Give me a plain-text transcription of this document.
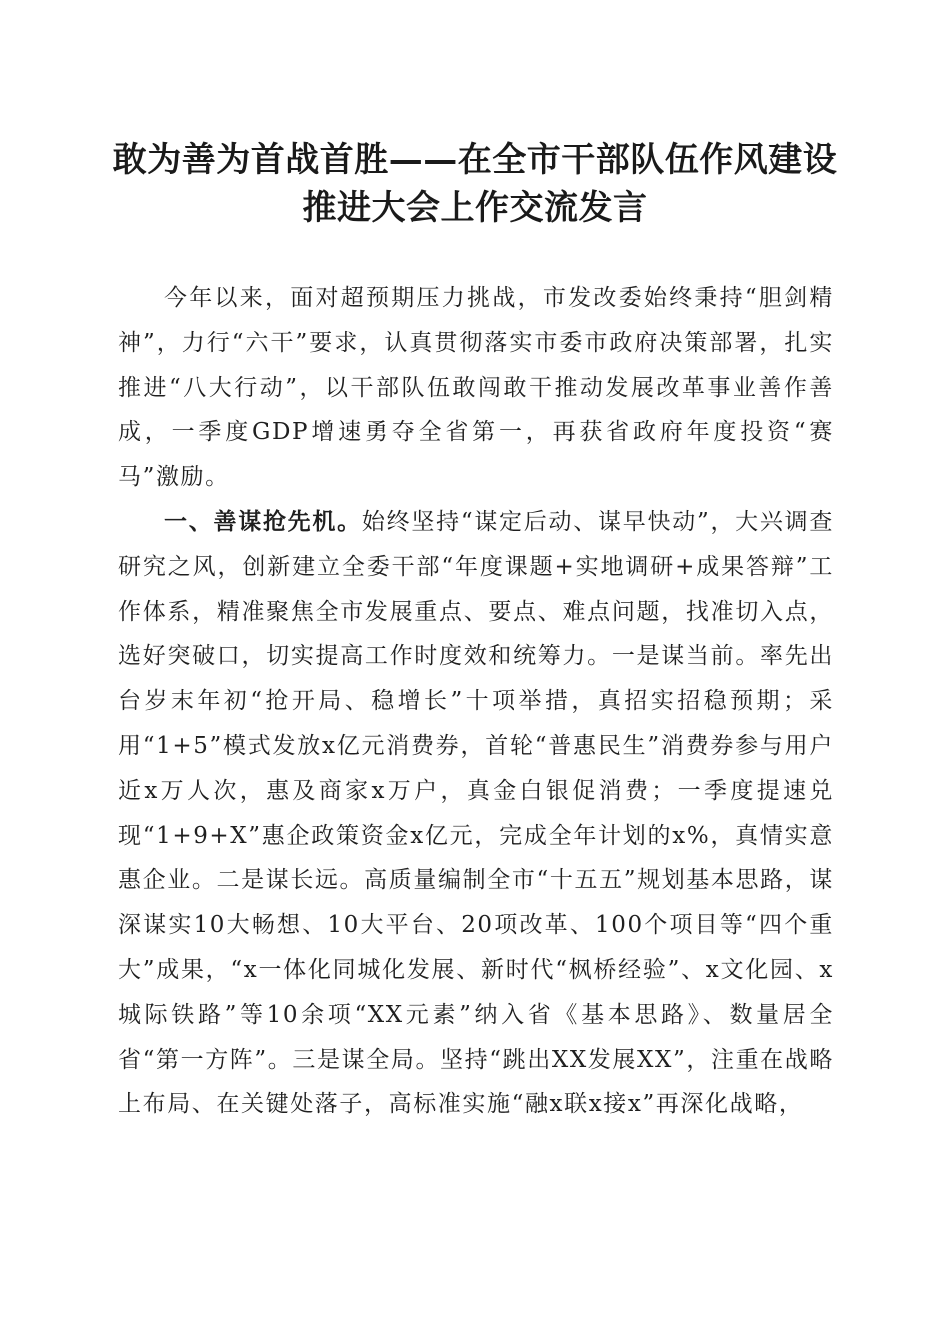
敢为善为首战首胜——在全市干部队伍作风建设推进大会上作交流发言

今年以来，面对超预期压力挑战，市发改委始终秉持“胆剑精神”，力行“六干”要求，认真贯彻落实市委市政府决策部署，扎实推进“八大行动”，以干部队伍敢闯敢干推动发展改革事业善作善成，一季度GDP增速勇夺全省第一，再获省政府年度投资“赛马”激励。

一、善谋抢先机。始终坚持“谋定后动、谋早快动”，大兴调查研究之风，创新建立全委干部“年度课题+实地调研+成果答辩”工作体系，精准聚焦全市发展重点、要点、难点问题，找准切入点，选好突破口，切实提高工作时度效和统筹力。一是谋当前。率先出台岁末年初“抢开局、稳增长”十项举措，真招实招稳预期；采用“1+5”模式发放x亿元消费券，首轮“普惠民生”消费券参与用户近x万人次，惠及商家x万户，真金白银促消费；一季度提速兑现“1+9+X”惠企政策资金x亿元，完成全年计划的x%，真情实意惠企业。二是谋长远。高质量编制全市“十五五”规划基本思路，谋深谋实10大畅想、10大平台、20项改革、100个项目等“四个重大”成果，“x一体化同城化发展、新时代“枫桥经验”、x文化园、x城际铁路”等10余项“XX元素”纳入省《基本思路》、数量居全省“第一方阵”。三是谋全局。坚持“跳出XX发展XX”，注重在战略上布局、在关键处落子，高标准实施“融x联x接x”再深化战略，
